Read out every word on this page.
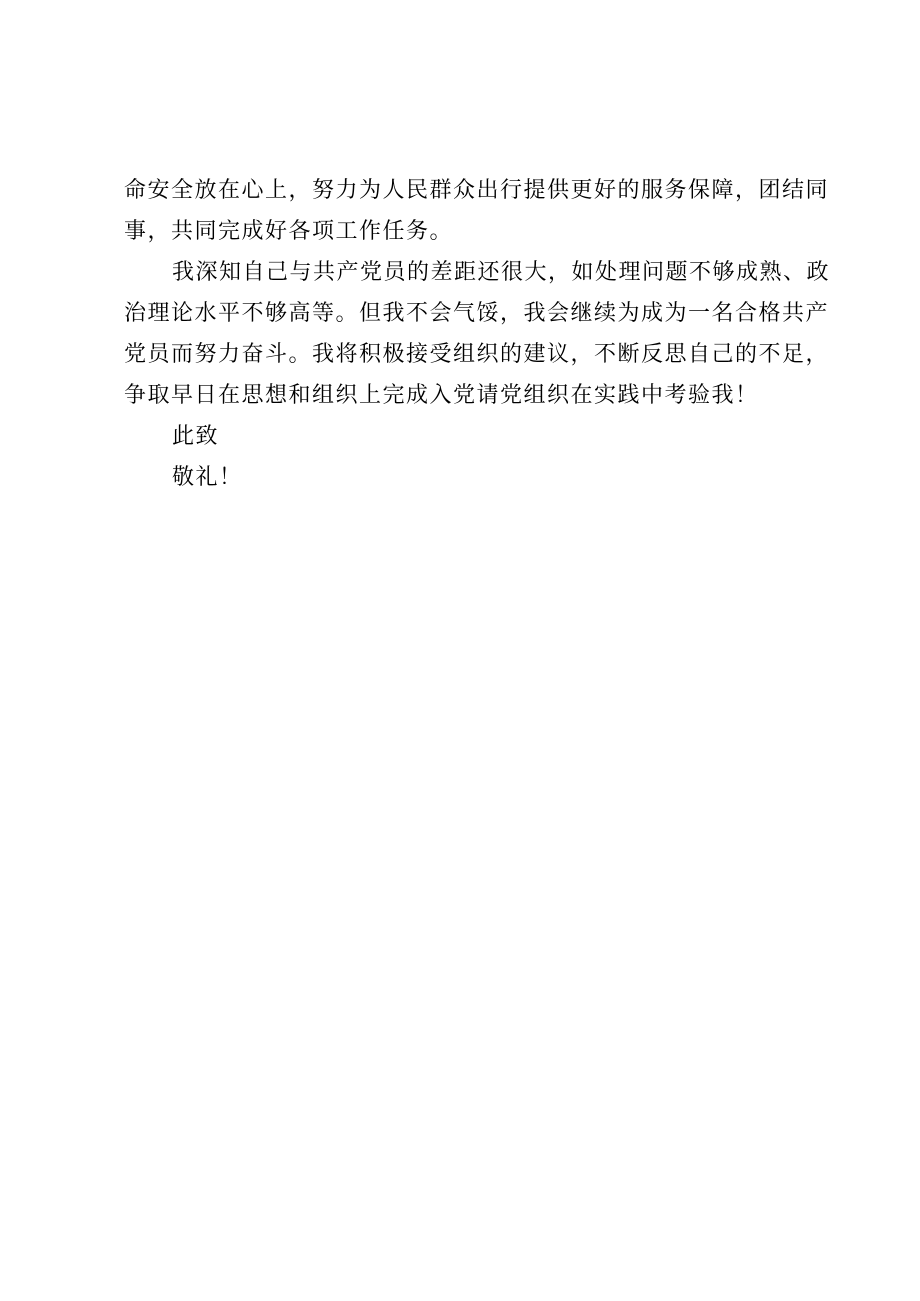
命安全放在心上，努力为人民群众出行提供更好的服务保障，团结同
事，共同完成好各项工作任务。
我深知自己与共产党员的差距还很大，如处理问题不够成熟、政
治理论水平不够高等。但我不会气馁，我会继续为成为一名合格共产
党员而努力奋斗。我将积极接受组织的建议，不断反思自己的不足，
争取早日在思想和组织上完成入党请党组织在实践中考验我！
此致
敬礼！
